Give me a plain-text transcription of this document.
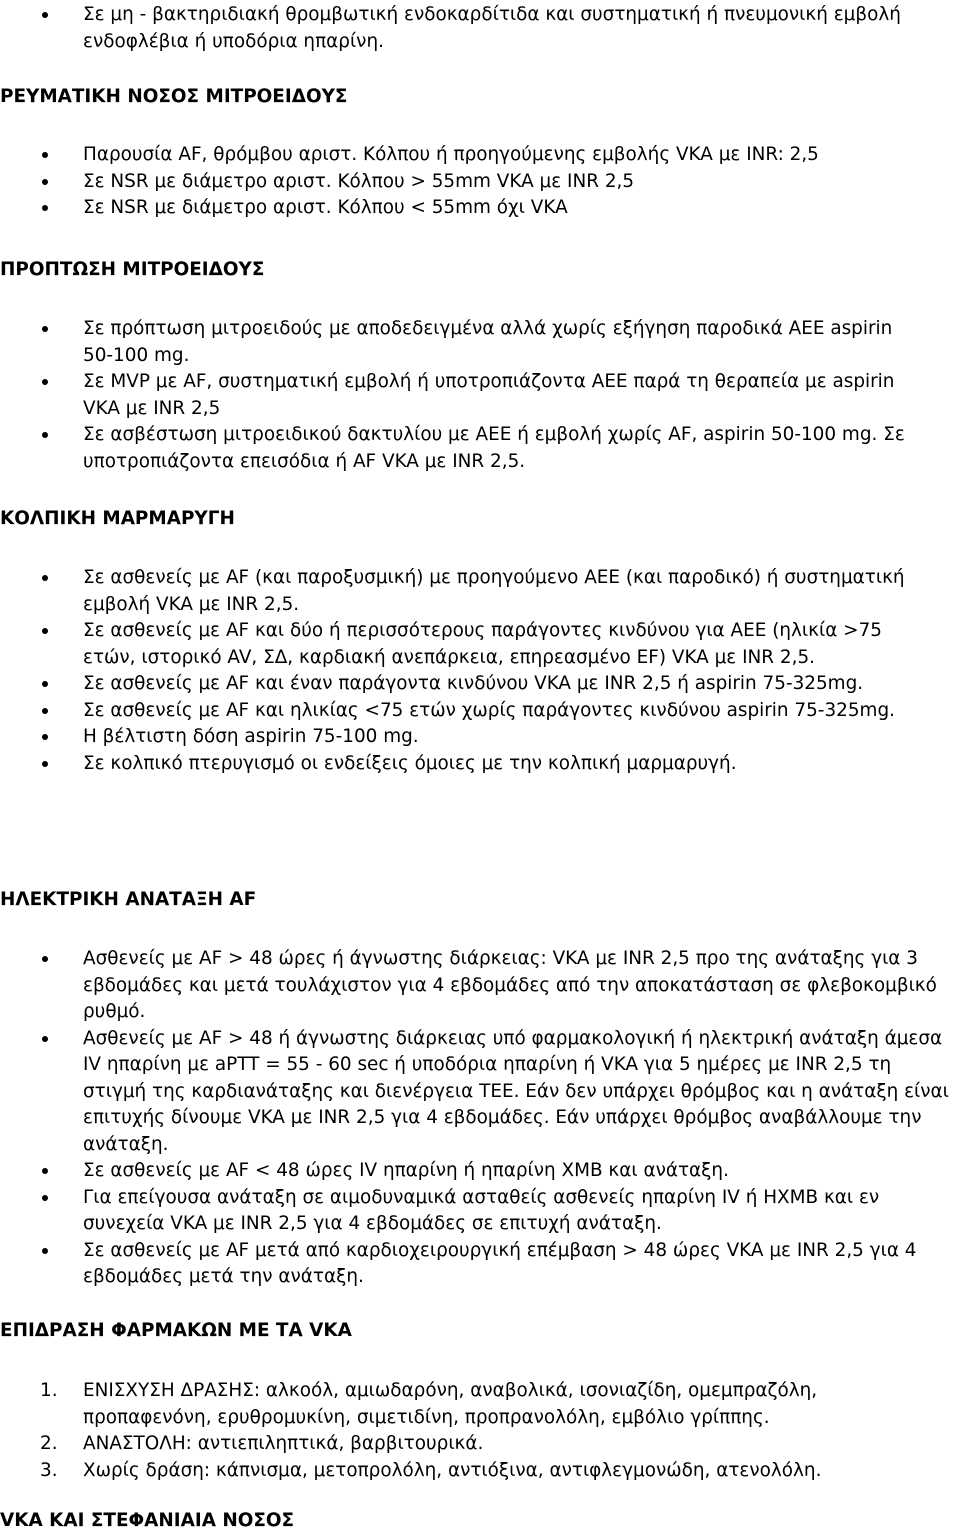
Σε μη - βακτηριδιακή θρομβωτική ενδοκαρδίτιδα και συστηματική ή πνευμονική εμβολή ενδοφλέβια ή υποδόρια ηπαρίνη.
ΡΕΥΜΑΤΙΚΗ ΝΟΣΟΣ ΜΙΤΡΟΕΙΔΟΥΣ
Παρουσία AF, θρόμβου αριστ. Κόλπου ή προηγούμενης εμβολής VKA με INR: 2,5
Σε NSR με διάμετρο αριστ. Κόλπου > 55mm VKA με INR 2,5
Σε NSR με διάμετρο αριστ. Κόλπου < 55mm όχι VKA
ΠΡΟΠΤΩΣΗ ΜΙΤΡΟΕΙΔΟΥΣ
Σε πρόπτωση μιτροειδούς με αποδεδειγμένα αλλά χωρίς εξήγηση παροδικά ΑΕΕ aspirin 50-100 mg.
Σε MVP με AF, συστηματική εμβολή ή υποτροπιάζοντα ΑΕΕ παρά τη θεραπεία με aspirin VKA με INR 2,5
Σε ασβέστωση μιτροειδικού δακτυλίου με ΑΕΕ ή εμβολή χωρίς AF, aspirin 50-100 mg. Σε υποτροπιάζοντα επεισόδια ή AF VKA με INR 2,5.
ΚΟΛΠΙΚΗ ΜΑΡΜΑΡΥΓΗ
Σε ασθενείς με AF (και παροξυσμική) με προηγούμενο ΑΕΕ (και παροδικό) ή συστηματική εμβολή VKA με INR 2,5.
Σε ασθενείς με AF και δύο ή περισσότερους παράγοντες κινδύνου για ΑΕΕ (ηλικία >75 ετών, ιστορικό AV, ΣΔ, καρδιακή ανεπάρκεια, επηρεασμένο EF) VKA με INR 2,5.
Σε ασθενείς με AF και έναν παράγοντα κινδύνου VKA με INR 2,5 ή aspirin 75-325mg.
Σε ασθενείς με AF και ηλικίας <75 ετών χωρίς παράγοντες κινδύνου aspirin 75-325mg.
Η βέλτιστη δόση aspirin 75-100 mg.
Σε κολπικό πτερυγισμό οι ενδείξεις όμοιες με την κολπική μαρμαρυγή.
ΗΛΕΚΤΡΙΚΗ ΑΝΑΤΑΞΗ AF
Ασθενείς με AF > 48 ώρες ή άγνωστης διάρκειας: VKA με INR 2,5 προ της ανάταξης για 3 εβδομάδες και μετά τουλάχιστον για 4 εβδομάδες από την αποκατάσταση σε φλεβοκομβικό ρυθμό.
Ασθενείς με AF > 48 ή άγνωστης διάρκειας υπό φαρμακολογική ή ηλεκτρική ανάταξη άμεσα IV ηπαρίνη με aPTT = 55 - 60 sec ή υποδόρια ηπαρίνη ή VKA για 5 ημέρες με INR 2,5 τη στιγμή της καρδιανάταξης και διενέργεια ΤΕΕ. Εάν δεν υπάρχει θρόμβος και η ανάταξη είναι επιτυχής δίνουμε VKA με INR 2,5 για 4 εβδομάδες. Εάν υπάρχει θρόμβος αναβάλλουμε την ανάταξη.
Σε ασθενείς με AF < 48 ώρες IV ηπαρίνη ή ηπαρίνη ΧΜΒ και ανάταξη.
Για επείγουσα ανάταξη σε αιμοδυναμικά ασταθείς ασθενείς ηπαρίνη IV ή ΗΧΜΒ και εν συνεχεία VKA με INR 2,5 για 4 εβδομάδες σε επιτυχή ανάταξη.
Σε ασθενείς με AF μετά από καρδιοχειρουργική επέμβαση > 48 ώρες VKA με INR 2,5 για 4 εβδομάδες μετά την ανάταξη.
ΕΠΙΔΡΑΣΗ ΦΑΡΜΑΚΩΝ ΜΕ ΤΑ VKA
1. ΕΝΙΣΧΥΣΗ ΔΡΑΣΗΣ: αλκοόλ, αμιωδαρόνη, αναβολικά, ισονιαζίδη, ομεμπραζόλη, προπαφενόνη, ερυθρομυκίνη, σιμετιδίνη, προπρανολόλη, εμβόλιο γρίππης.
2. ΑΝΑΣΤΟΛΗ: αντιεπιληπτικά, βαρβιτουρικά.
3. Χωρίς δράση: κάπνισμα, μετοπρολόλη, αντιόξινα, αντιφλεγμονώδη, ατενολόλη.
VKA ΚΑΙ ΣΤΕΦΑΝΙΑΙΑ ΝΟΣΟΣ
